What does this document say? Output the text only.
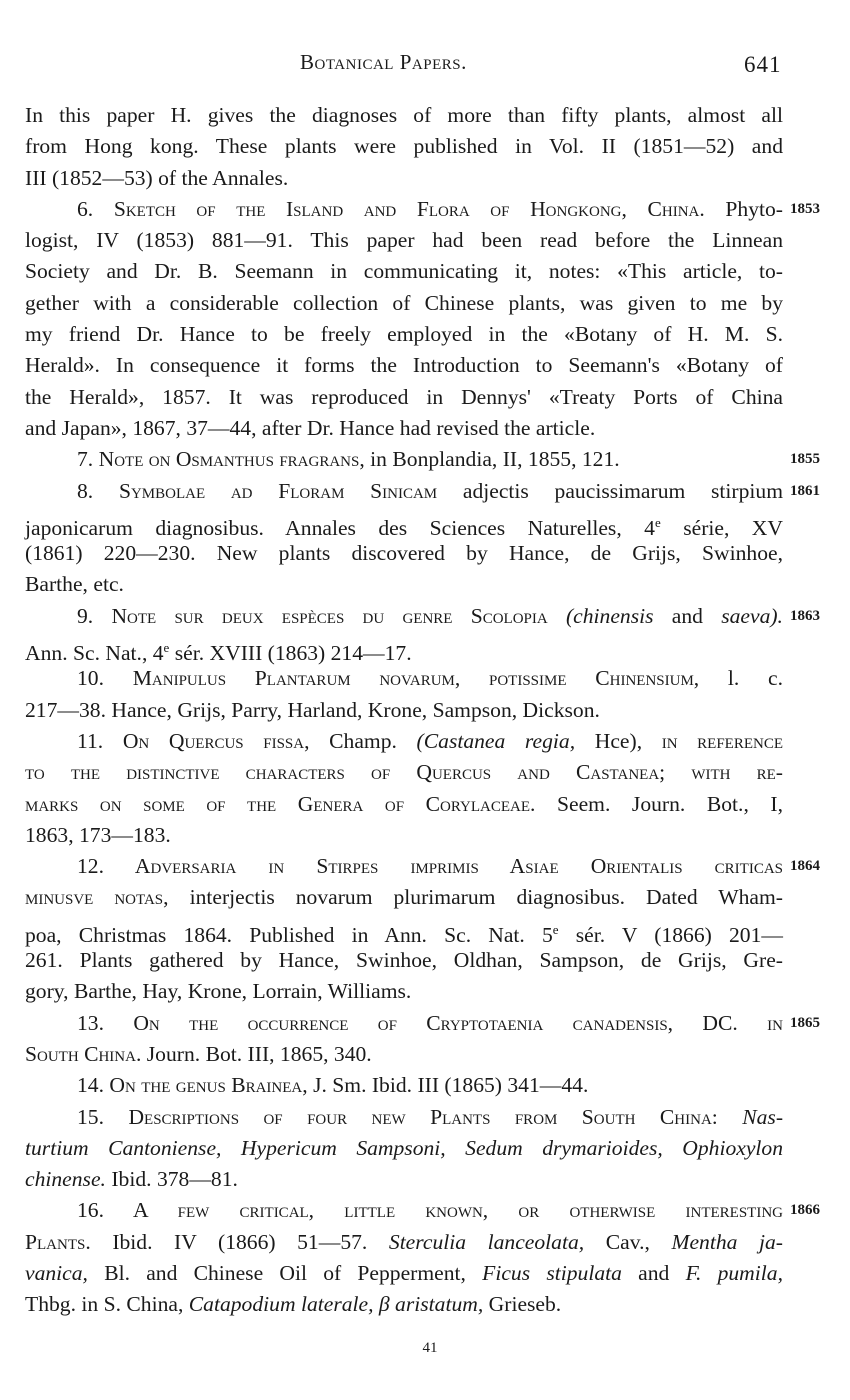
Botanical Papers.	641
In this paper H. gives the diagnoses of more than fifty plants, almost all
from Hong kong. These plants were published in Vol. II (1851—52) and
III (1852—53) of the Annales.
1853
6. Sketch of the Island and Flora of Hongkong, China. Phyto-
logist, IV (1853) 881—91. This paper had been read before the Linnean
Society and Dr. B. Seemann in communicating it, notes: «This article, to-
gether with a considerable collection of Chinese plants, was given to me by
my friend Dr. Hance to be freely employed in the «Botany of H. M. S.
Herald». In consequence it forms the Introduction to Seemann's «Botany of
the Herald», 1857. It was reproduced in Dennys' «Treaty Ports of China
and Japan», 1867, 37—44, after Dr. Hance had revised the article.
1855
7. Note on Osmanthus fragrans, in Bonplandia, II, 1855, 121.
1861
8. Symbolae ad Floram Sinicam adjectis paucissimarum stirpium
japonicarum diagnosibus. Annales des Sciences Naturelles, 4e série, XV
(1861) 220—230. New plants discovered by Hance, de Grijs, Swinhoe,
Barthe, etc.
1863
9. Note sur deux espèces du genre Scolopia (chinensis and saeva).
Ann. Sc. Nat., 4e sér. XVIII (1863) 214—17.
10. Manipulus Plantarum novarum, potissime Chinensium, l. c.
217—38. Hance, Grijs, Parry, Harland, Krone, Sampson, Dickson.
11. On Quercus fissa, Champ. (Castanea regia, Hce), in reference
to the distinctive characters of Quercus and Castanea; with re-
marks on some of the Genera of Corylaceae. Seem. Journ. Bot., I,
1863, 173—183.
1864
12. Adversaria in Stirpes imprimis Asiae Orientalis criticas
minusve notas, interjectis novarum plurimarum diagnosibus. Dated Wham-
poa, Christmas 1864. Published in Ann. Sc. Nat. 5e sér. V (1866) 201—
261. Plants gathered by Hance, Swinhoe, Oldhan, Sampson, de Grijs, Gre-
gory, Barthe, Hay, Krone, Lorrain, Williams.
1865
13. On the occurrence of Cryptotaenia canadensis, DC. in
South China. Journ. Bot. III, 1865, 340.
14. On the genus Brainea, J. Sm. Ibid. III (1865) 341—44.
15. Descriptions of four new Plants from South China: Nas-
turtium Cantoniense, Hypericum Sampsoni, Sedum drymarioides, Ophioxylon
chinense. Ibid. 378—81.
1866
16. A few critical, little known, or otherwise interesting
Plants. Ibid. IV (1866) 51—57. Sterculia lanceolata, Cav., Mentha ja-
vanica, Bl. and Chinese Oil of Pepperment, Ficus stipulata and F. pumila,
Thbg. in S. China, Catapodium laterale, β aristatum, Grieseb.
41
